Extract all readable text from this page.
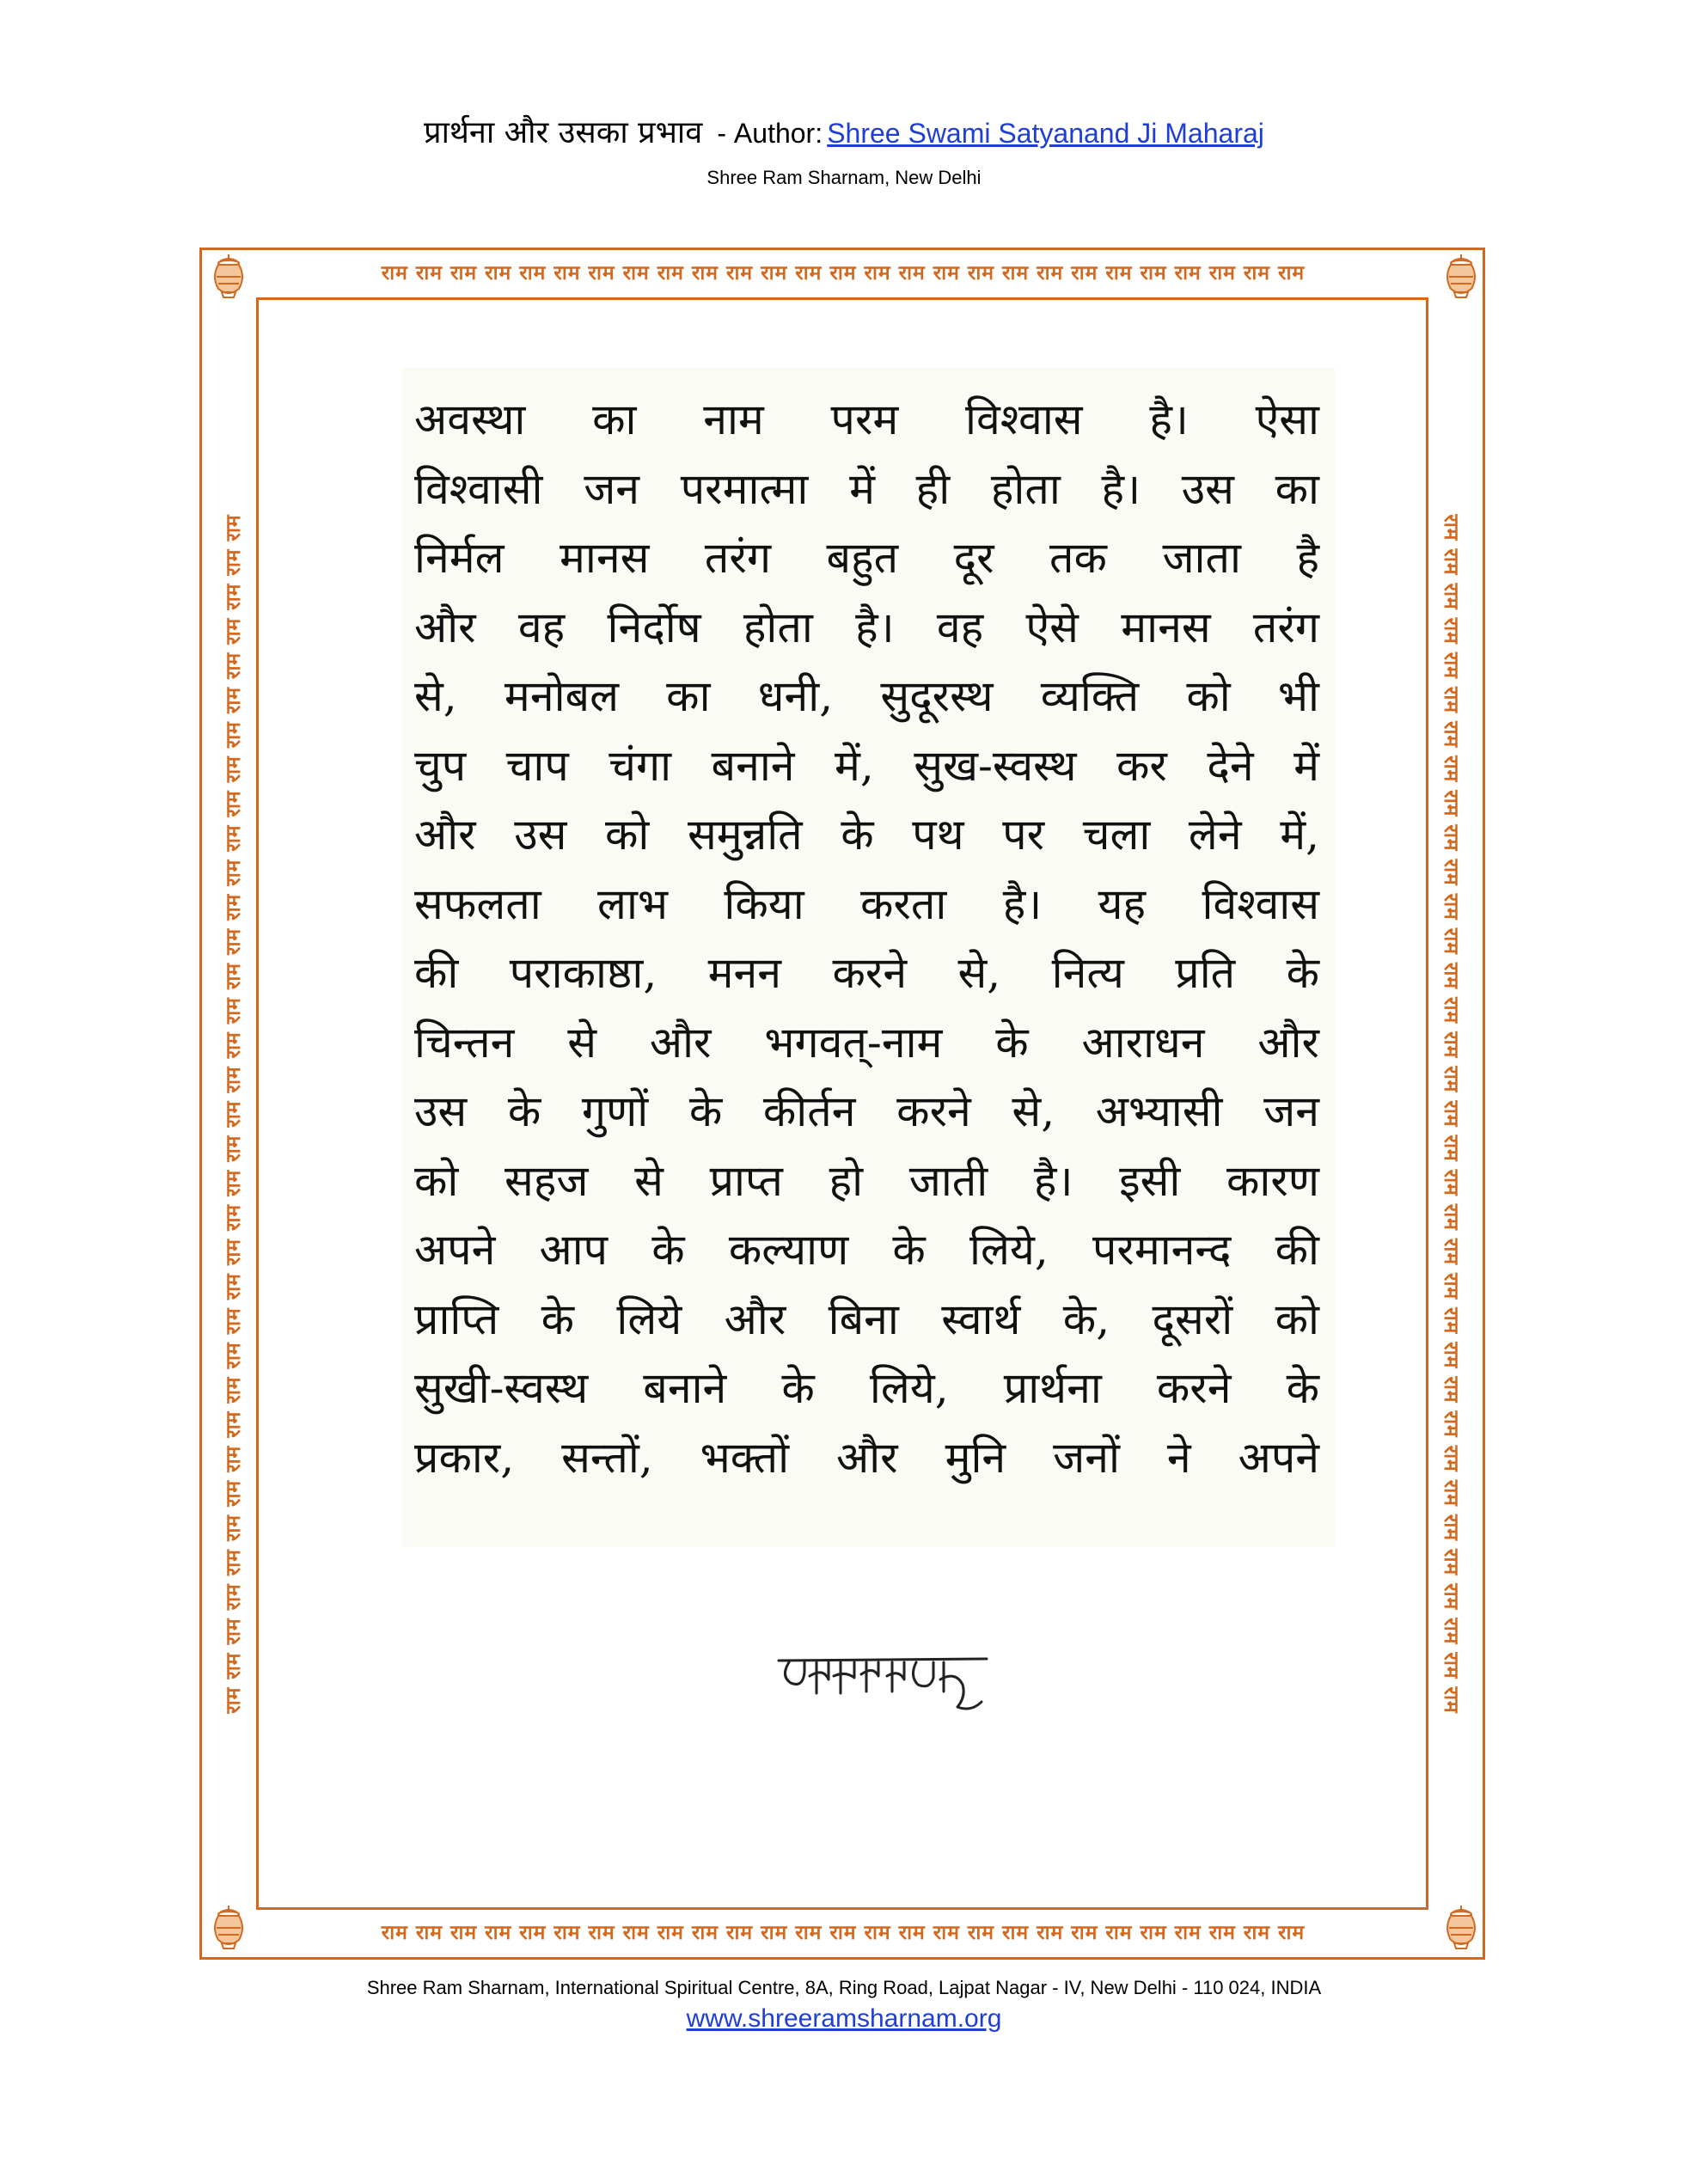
प्रार्थना और उसका प्रभाव - Author: Shree Swami Satyanand Ji Maharaj
Shree Ram Sharnam, New Delhi
राम राम राम राम राम राम राम राम राम राम राम राम राम राम राम राम राम राम राम राम राम राम राम राम राम राम राम
राम राम राम राम राम राम राम राम राम राम राम राम राम राम राम राम राम राम राम राम राम राम राम राम राम राम राम
राम राम राम राम राम राम राम राम राम राम राम राम राम राम राम राम राम राम राम राम राम राम राम राम राम राम राम राम राम राम राम राम राम राम राम	राम राम राम राम राम राम राम राम राम राम राम राम राम राम राम राम राम राम राम राम राम राम राम राम राम राम राम राम राम राम राम राम राम राम राम
अवस्था का नाम परम विश्वास है। ऐसा
विश्वासी जन परमात्मा में ही होता है। उस का
निर्मल मानस तरंग बहुत दूर तक जाता है
और वह निर्दोष होता है। वह ऐसे मानस तरंग
से, मनोबल का धनी, सुदूरस्थ व्यक्ति को भी
चुप चाप चंगा बनाने में, सुख-स्वस्थ कर देने में
और उस को समुन्नति के पथ पर चला लेने में,
सफलता लाभ किया करता है। यह विश्वास
की पराकाष्ठा, मनन करने से, नित्य प्रति के
चिन्तन से और भगवत्-नाम के आराधन और
उस के गुणों के कीर्तन करने से, अभ्यासी जन
को सहज से प्राप्त हो जाती है। इसी कारण
अपने आप के कल्याण के लिये, परमानन्द की
प्राप्ति के लिये और बिना स्वार्थ के, दूसरों को
सुखी-स्वस्थ बनाने के लिये, प्रार्थना करने के
प्रकार, सन्तों, भक्तों और मुनि जनों ने अपने
Shree Ram Sharnam, International Spiritual Centre, 8A, Ring Road, Lajpat Nagar - IV, New Delhi - 110 024, INDIA
www.shreeramsharnam.org
